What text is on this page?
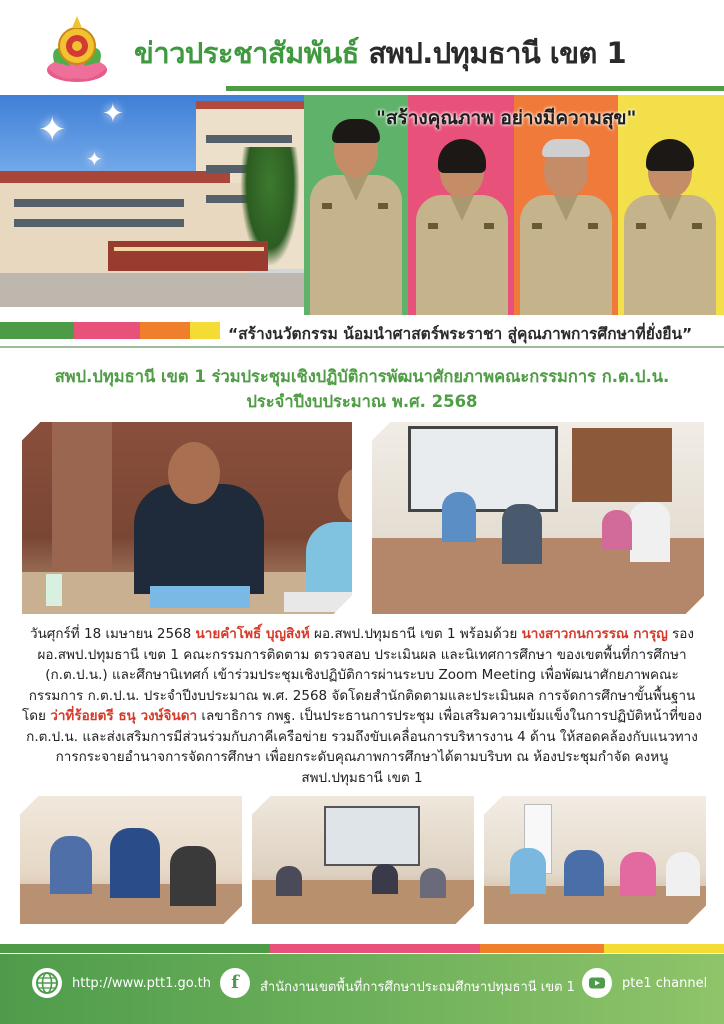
ข่าวประชาสัมพันธ์ สพป.ปทุมธานี เขต 1
✦ ✦
✦
"สร้างคุณภาพ อย่างมีความสุข"
“สร้างนวัตกรรม น้อมนำศาสตร์พระราชา สู่คุณภาพการศึกษาที่ยั่งยืน”
สพป.ปทุมธานี เขต 1 ร่วมประชุมเชิงปฏิบัติการพัฒนาศักยภาพคณะกรรมการ ก.ต.ป.น.
ประจำปีงบประมาณ พ.ศ. 2568
วันศุกร์ที่ 18 เมษายน 2568 นายคำโพธิ์ บุญสิงห์ ผอ.สพป.ปทุมธานี เขต 1 พร้อมด้วย นางสาวกนกวรรณ การุญ รองผอ.สพป.ปทุมธานี เขต 1 คณะกรรมการติดตาม ตรวจสอบ ประเมินผล และนิเทศการศึกษา ของเขตพื้นที่การศึกษา (ก.ต.ป.น.) และศึกษานิเทศก์ เข้าร่วมประชุมเชิงปฏิบัติการผ่านระบบ Zoom Meeting เพื่อพัฒนาศักยภาพคณะกรรมการ ก.ต.ป.น. ประจำปีงบประมาณ พ.ศ. 2568 จัดโดยสำนักติดตามและประเมินผล การจัดการศึกษาขั้นพื้นฐาน โดย ว่าที่ร้อยตรี ธนุ วงษ์จินดา เลขาธิการ กพฐ. เป็นประธานการประชุม เพื่อเสริมความเข้มแข็งในการปฏิบัติหน้าที่ของ ก.ต.ป.น. และส่งเสริมการมีส่วนร่วมกับภาคีเครือข่าย รวมถึงขับเคลื่อนการบริหารงาน 4 ด้าน ให้สอดคล้องกับแนวทางการกระจายอำนาจการจัดการศึกษา เพื่อยกระดับคุณภาพการศึกษาได้ตามบริบท ณ ห้องประชุมกำจัด คงหนู สพป.ปทุมธานี เขต 1
http://www.ptt1.go.th	f	สำนักงานเขตพื้นที่การศึกษาประถมศึกษาปทุมธานี เขต 1	pte1 channel
